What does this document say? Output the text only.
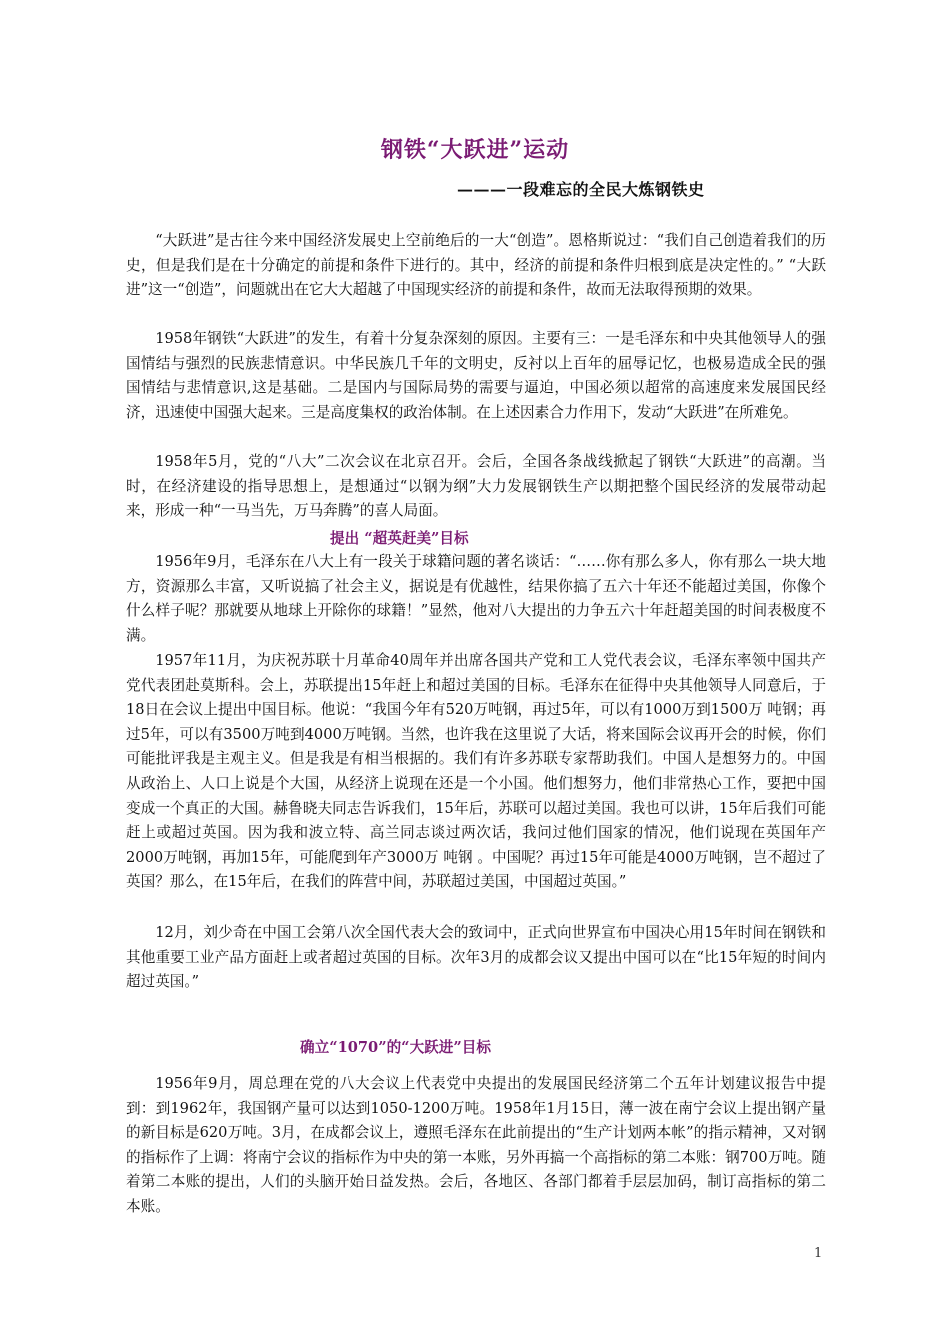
钢铁“大跃进”运动
———一段难忘的全民大炼钢铁史

“大跃进”是古往今来中国经济发展史上空前绝后的一大“创造”。恩格斯说过：“我们自己创造着我们的历史，但是我们是在十分确定的前提和条件下进行的。其中，经济的前提和条件归根到底是决定性的。” “大跃进”这一“创造”，问题就出在它大大超越了中国现实经济的前提和条件，故而无法取得预期的效果。

1958年钢铁“大跃进”的发生，有着十分复杂深刻的原因。主要有三：一是毛泽东和中央其他领导人的强国情结与强烈的民族悲情意识。中华民族几千年的文明史，反衬以上百年的屈辱记忆，也极易造成全民的强国情结与悲情意识,这是基础。二是国内与国际局势的需要与逼迫，中国必须以超常的高速度来发展国民经济，迅速使中国强大起来。三是高度集权的政治体制。在上述因素合力作用下，发动“大跃进”在所难免。

1958年5月，党的“八大”二次会议在北京召开。会后，全国各条战线掀起了钢铁“大跃进”的高潮。当时，在经济建设的指导思想上，是想通过“以钢为纲”大力发展钢铁生产以期把整个国民经济的发展带动起来，形成一种“一马当先，万马奔腾”的喜人局面。

提出 “超英赶美”目标

1956年9月，毛泽东在八大上有一段关于球籍问题的著名谈话：“……你有那么多人，你有那么一块大地方，资源那么丰富，又听说搞了社会主义，据说是有优越性，结果你搞了五六十年还不能超过美国，你像个什么样子呢？那就要从地球上开除你的球籍！”显然，他对八大提出的力争五六十年赶超美国的时间表极度不满。

1957年11月，为庆祝苏联十月革命40周年并出席各国共产党和工人党代表会议，毛泽东率领中国共产党代表团赴莫斯科。会上，苏联提出15年赶上和超过美国的目标。毛泽东在征得中央其他领导人同意后，于18日在会议上提出中国目标。他说：“我国今年有520万吨钢，再过5年，可以有1000万到1500万 吨钢；再过5年，可以有3500万吨到4000万吨钢。当然，也许我在这里说了大话，将来国际会议再开会的时候，你们可能批评我是主观主义。但是我是有相当根据的。我们有许多苏联专家帮助我们。中国人是想努力的。中国从政治上、人口上说是个大国，从经济上说现在还是一个小国。他们想努力，他们非常热心工作，要把中国变成一个真正的大国。赫鲁晓夫同志告诉我们，15年后，苏联可以超过美国。我也可以讲，15年后我们可能赶上或超过英国。因为我和波立特、高兰同志谈过两次话，我问过他们国家的情况，他们说现在英国年产2000万吨钢，再加15年，可能爬到年产3000万 吨钢 。中国呢？再过15年可能是4000万吨钢，岂不超过了英国？那么，在15年后，在我们的阵营中间，苏联超过美国，中国超过英国。”

12月，刘少奇在中国工会第八次全国代表大会的致词中，正式向世界宣布中国决心用15年时间在钢铁和其他重要工业产品方面赶上或者超过英国的目标。次年3月的成都会议又提出中国可以在“比15年短的时间内超过英国。”

确立“1070”的“大跃进”目标

1956年9月，周总理在党的八大会议上代表党中央提出的发展国民经济第二个五年计划建议报告中提到：到1962年，我国钢产量可以达到1050-1200万吨。1958年1月15日，薄一波在南宁会议上提出钢产量的新目标是620万吨。3月，在成都会议上，遵照毛泽东在此前提出的“生产计划两本帐”的指示精神，又对钢的指标作了上调：将南宁会议的指标作为中央的第一本账，另外再搞一个高指标的第二本账：钢700万吨。随着第二本账的提出，人们的头脑开始日益发热。会后，各地区、各部门都着手层层加码，制订高指标的第二本账。

1
